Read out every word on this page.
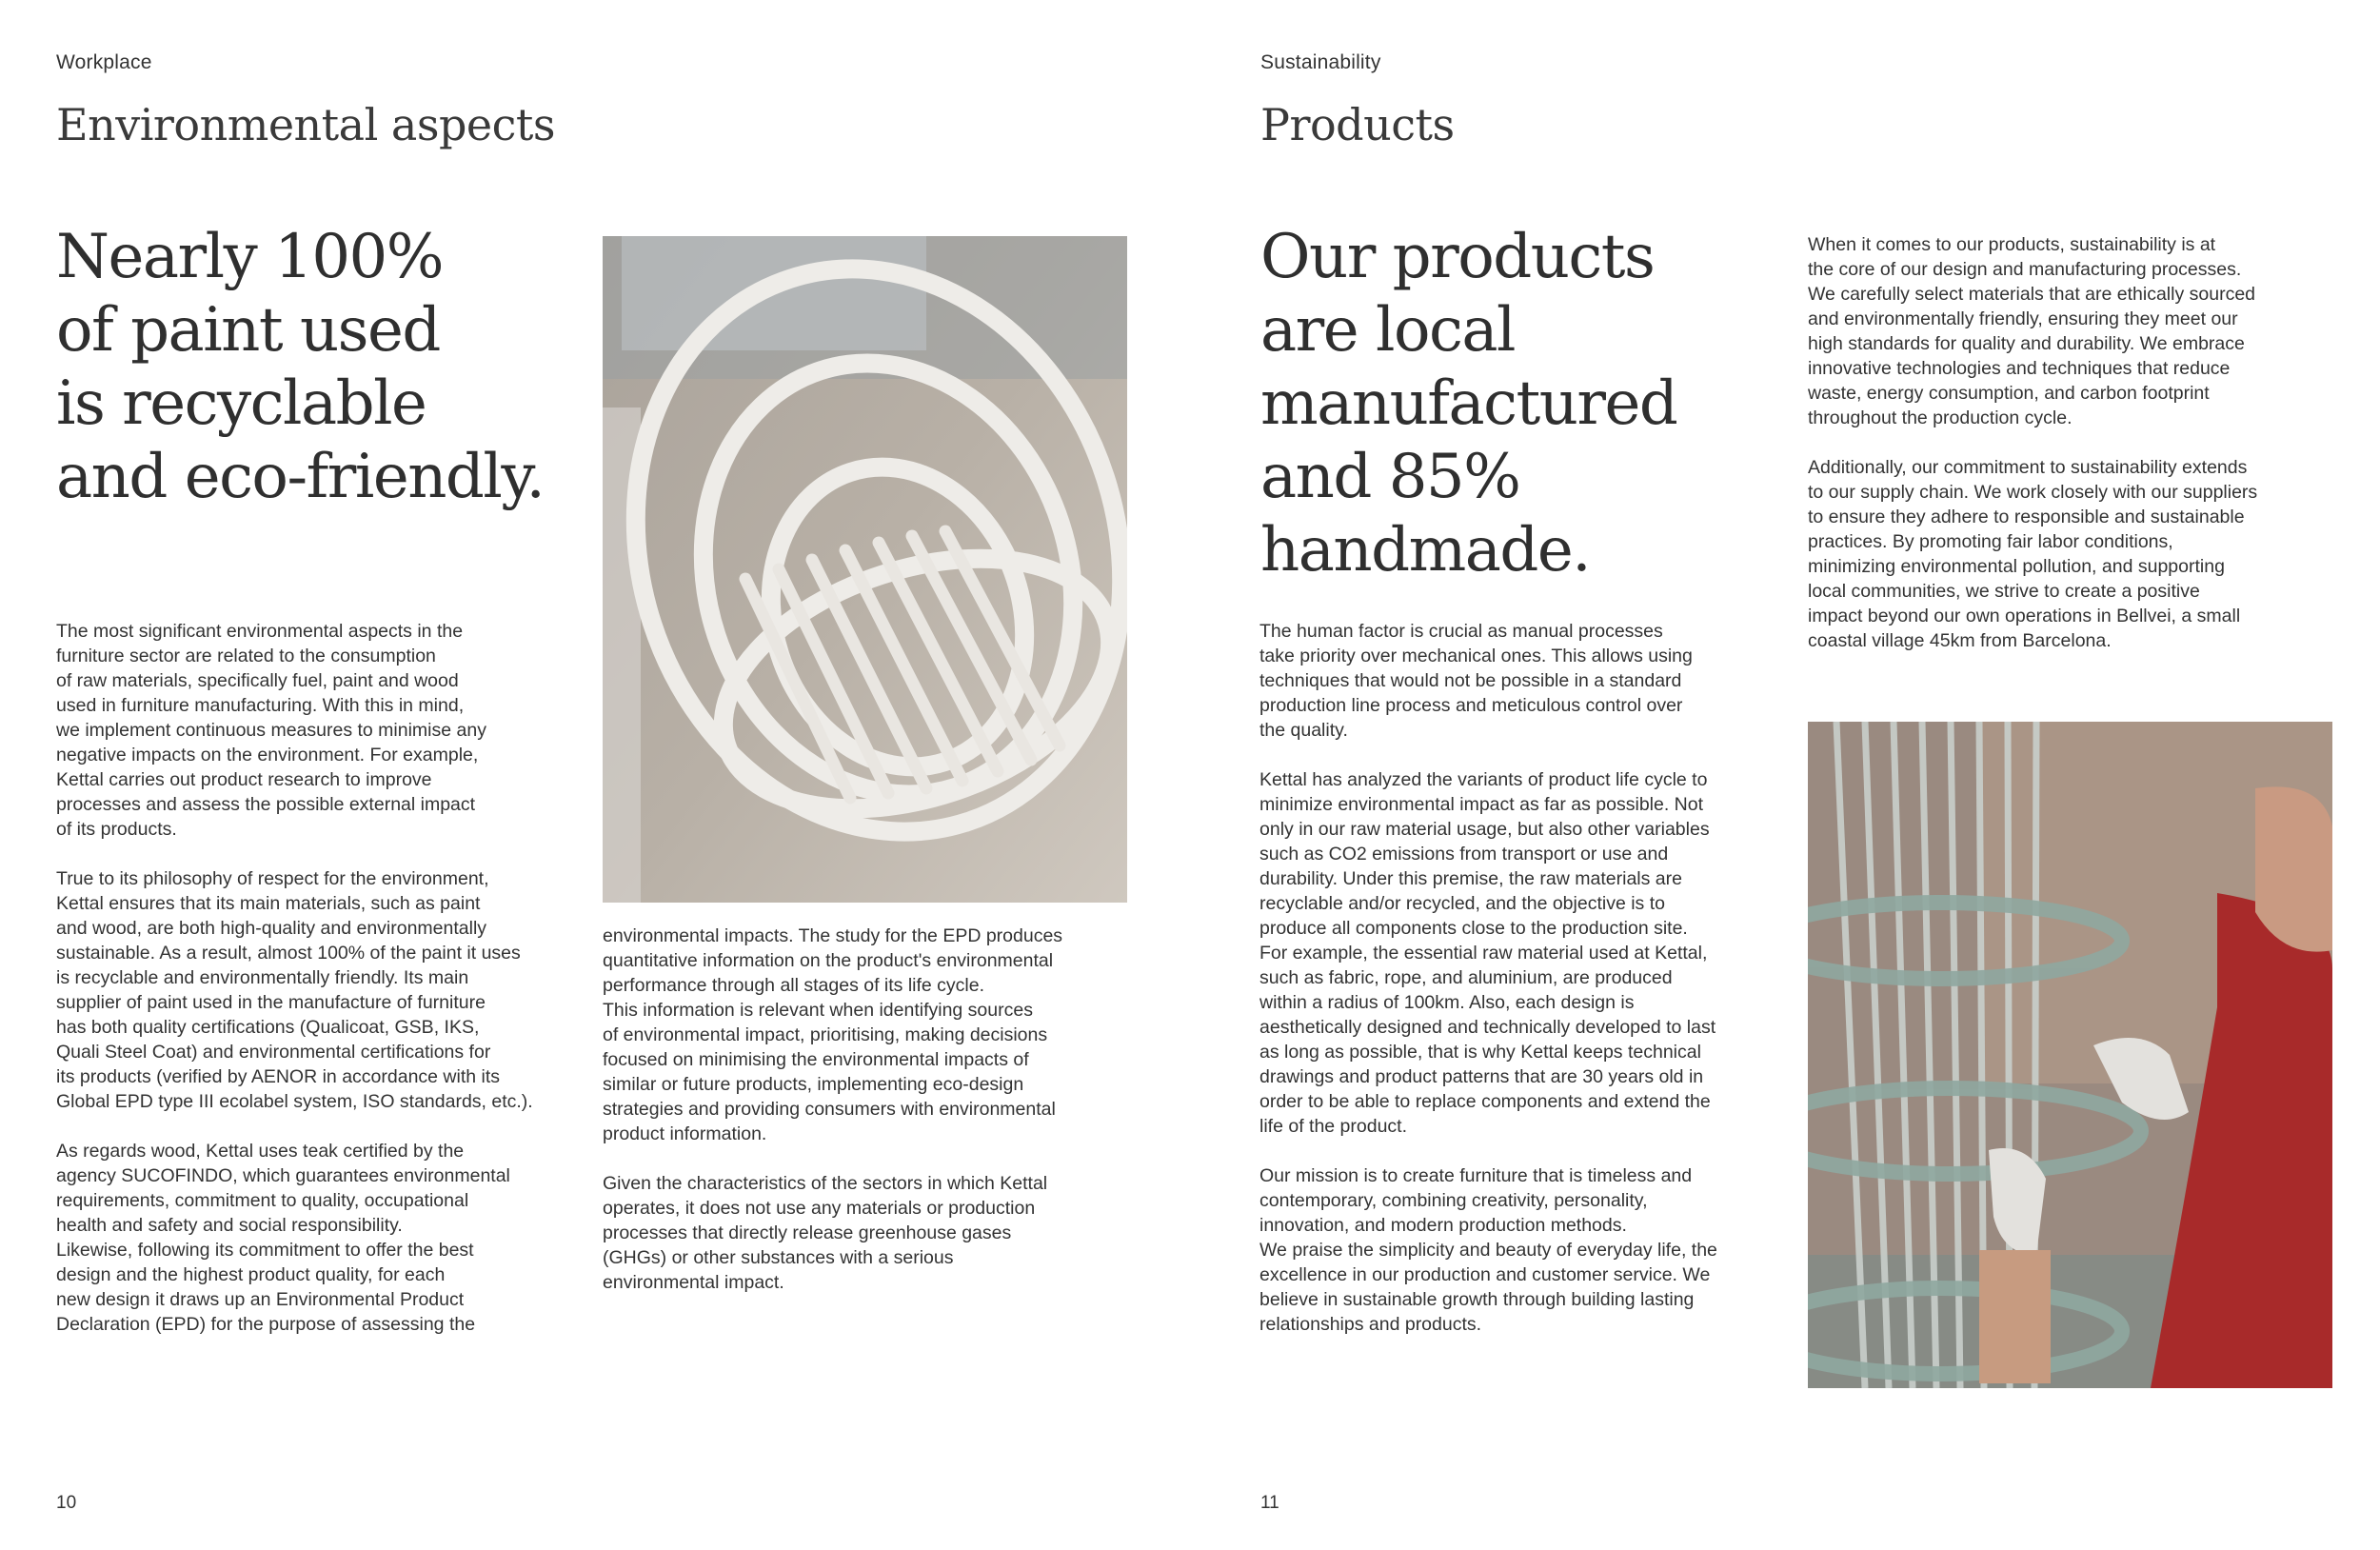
Workplace
Environmental aspects
Nearly 100%
of paint used
is recyclable
and eco-friendly.

The most significant environmental aspects in the
furniture sector are related to the consumption
of raw materials, specifically fuel, paint and wood
used in furniture manufacturing. With this in mind,
we implement continuous measures to minimise any
negative impacts on the environment. For example,
Kettal carries out product research to improve
processes and assess the possible external impact
of its products.

True to its philosophy of respect for the environment,
Kettal ensures that its main materials, such as paint
and wood, are both high-quality and environmentally
sustainable. As a result, almost 100% of the paint it uses
is recyclable and environmentally friendly. Its main
supplier of paint used in the manufacture of furniture
has both quality certifications (Qualicoat, GSB, IKS,
Quali Steel Coat) and environmental certifications for
its products (verified by AENOR in accordance with its
Global EPD type III ecolabel system, ISO standards, etc.).

As regards wood, Kettal uses teak certified by the
agency SUCOFINDO, which guarantees environmental
requirements, commitment to quality, occupational
health and safety and social responsibility.
Likewise, following its commitment to offer the best
design and the highest product quality, for each
new design it draws up an Environmental Product
Declaration (EPD) for the purpose of assessing the

environmental impacts. The study for the EPD produces
quantitative information on the product's environmental
performance through all stages of its life cycle.
This information is relevant when identifying sources
of environmental impact, prioritising, making decisions
focused on minimising the environmental impacts of
similar or future products, implementing eco-design
strategies and providing consumers with environmental
product information.

Given the characteristics of the sectors in which Kettal
operates, it does not use any materials or production
processes that directly release greenhouse gases
(GHGs) or other substances with a serious
environmental impact.

10
Sustainability
Products
Our products
are local
manufactured
and 85%
handmade.

The human factor is crucial as manual processes
take priority over mechanical ones. This allows using
techniques that would not be possible in a standard
production line process and meticulous control over
the quality.

Kettal has analyzed the variants of product life cycle to
minimize environmental impact as far as possible. Not
only in our raw material usage, but also other variables
such as CO2 emissions from transport or use and
durability. Under this premise, the raw materials are
recyclable and/or recycled, and the objective is to
produce all components close to the production site.
For example, the essential raw material used at Kettal,
such as fabric, rope, and aluminium, are produced
within a radius of 100km. Also, each design is
aesthetically designed and technically developed to last
as long as possible, that is why Kettal keeps technical
drawings and product patterns that are 30 years old in
order to be able to replace components and extend the
life of the product.

Our mission is to create furniture that is timeless and
contemporary, combining creativity, personality,
innovation, and modern production methods.
We praise the simplicity and beauty of everyday life, the
excellence in our production and customer service. We
believe in sustainable growth through building lasting
relationships and products.

When it comes to our products, sustainability is at
the core of our design and manufacturing processes.
We carefully select materials that are ethically sourced
and environmentally friendly, ensuring they meet our
high standards for quality and durability. We embrace
innovative technologies and techniques that reduce
waste, energy consumption, and carbon footprint
throughout the production cycle.

Additionally, our commitment to sustainability extends
to our supply chain. We work closely with our suppliers
to ensure they adhere to responsible and sustainable
practices. By promoting fair labor conditions,
minimizing environmental pollution, and supporting
local communities, we strive to create a positive
impact beyond our own operations in Bellvei, a small
coastal village 45km from Barcelona.

11
